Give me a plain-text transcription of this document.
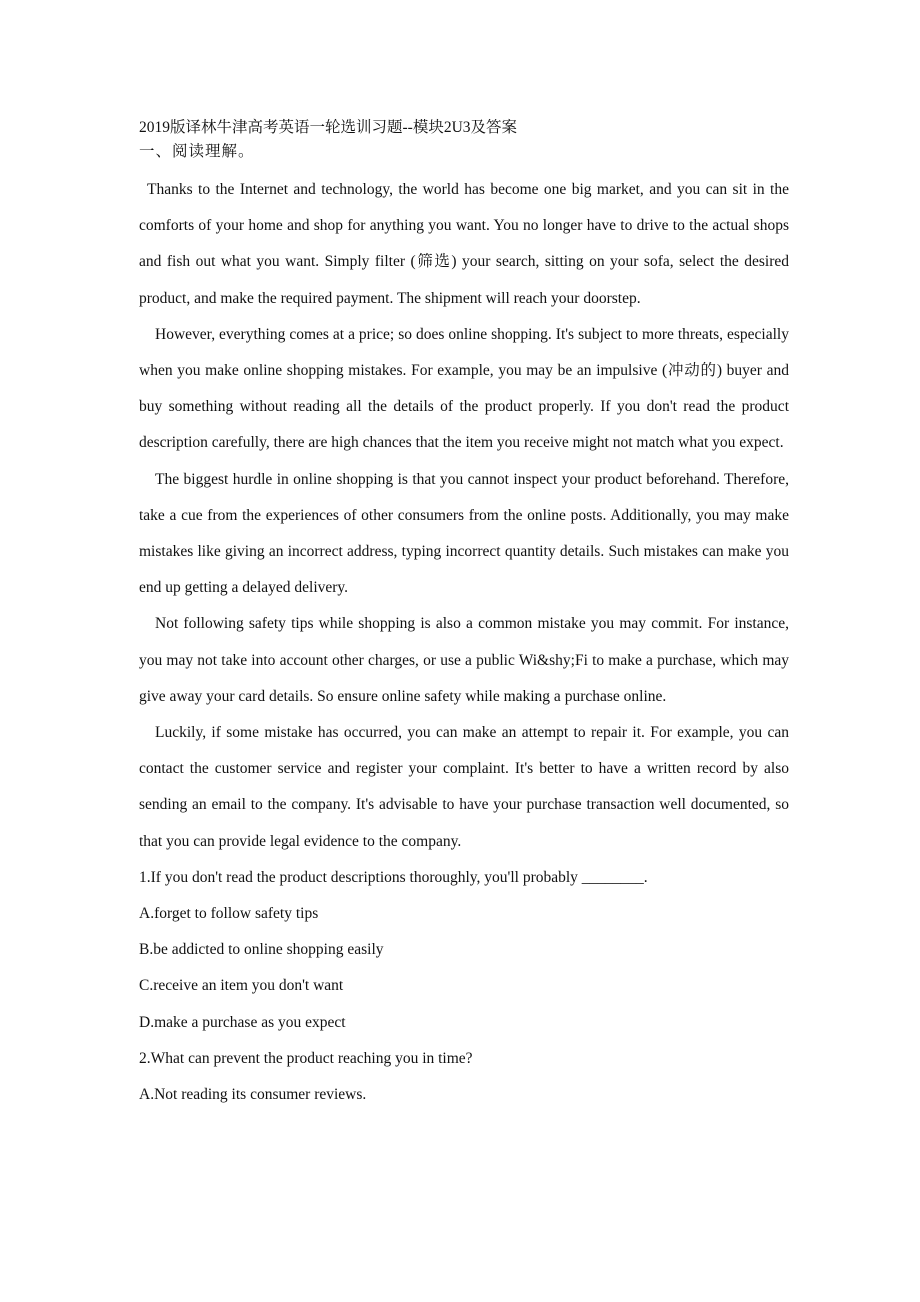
2019版译林牛津高考英语一轮选训习题--模块2U3及答案

一、阅读理解。

Thanks to the Internet and technology, the world has become one big market, and you can sit in the comforts of your home and shop for anything you want. You no longer have to drive to the actual shops and fish out what you want. Simply filter (筛选) your search, sitting on your sofa, select the desired product, and make the required payment. The shipment will reach your doorstep.

However, everything comes at a price; so does online shopping. It's subject to more threats, especially when you make online shopping mistakes. For example, you may be an impulsive (冲动的) buyer and buy something without reading all the details of the product properly. If you don't read the product description carefully, there are high chances that the item you receive might not match what you expect.

The biggest hurdle in online shopping is that you cannot inspect your product beforehand. Therefore, take a cue from the experiences of other consumers from the online posts. Additionally, you may make mistakes like giving an incorrect address, typing incorrect quantity details. Such mistakes can make you end up getting a delayed delivery.

Not following safety tips while shopping is also a common mistake you may commit. For instance, you may not take into account other charges, or use a public Wi&shy;Fi to make a purchase, which may give away your card details. So ensure online safety while making a purchase online.

Luckily, if some mistake has occurred, you can make an attempt to repair it. For example, you can contact the customer service and register your complaint. It's better to have a written record by also sending an email to the company. It's advisable to have your purchase transaction well documented, so that you can provide legal evidence to the company.

1.If you don't read the product descriptions thoroughly, you'll probably ________.

A.forget to follow safety tips

B.be addicted to online shopping easily

C.receive an item you don't want

D.make a purchase as you expect

2.What can prevent the product reaching you in time?

A.Not reading its consumer reviews.
